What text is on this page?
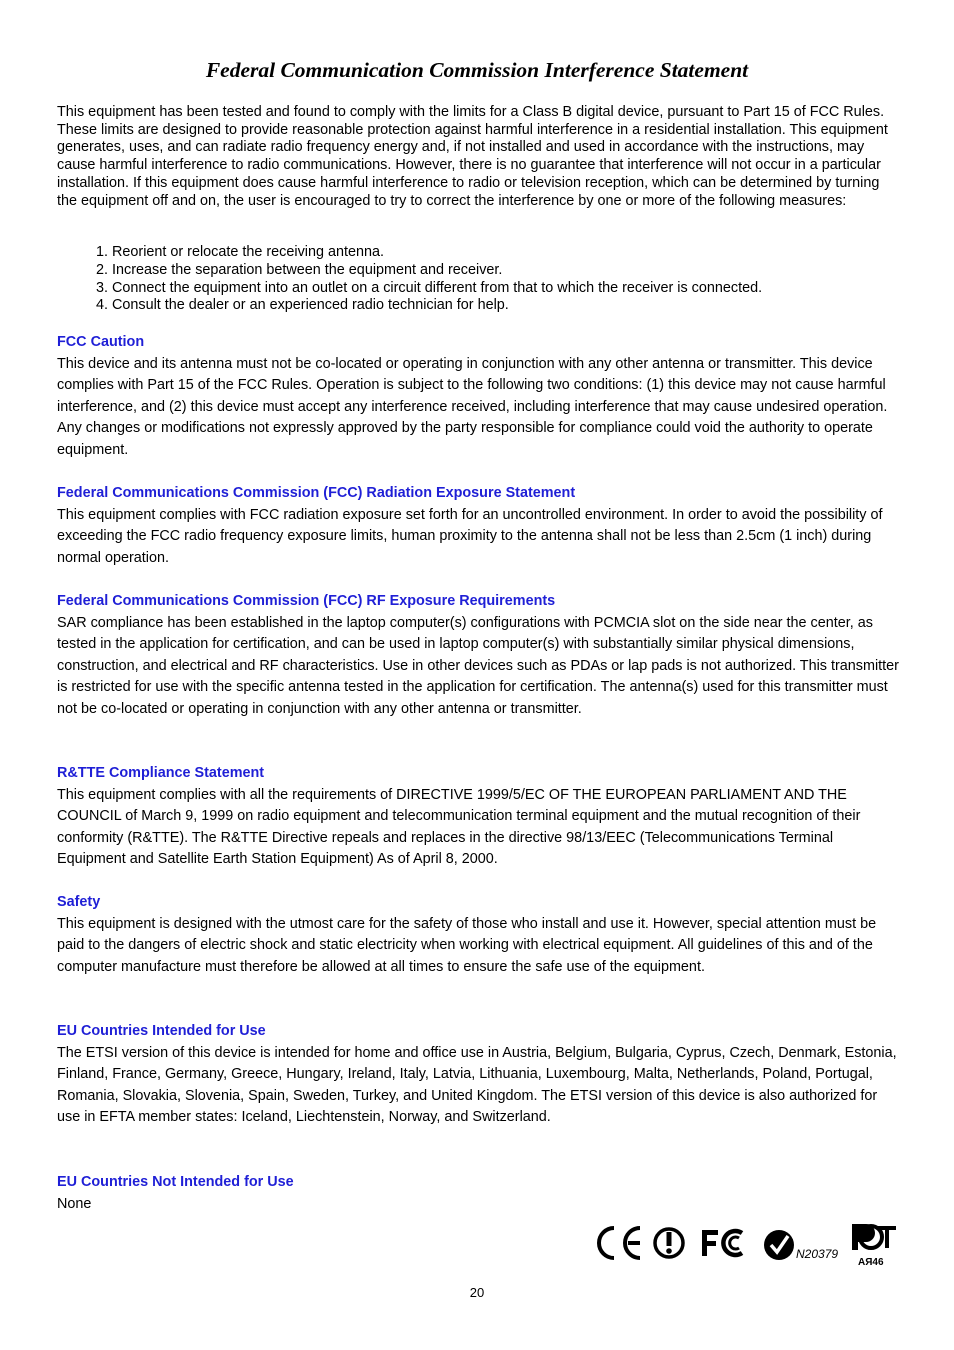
Federal Communication Commission Interference Statement

This equipment has been tested and found to comply with the limits for a Class B digital device, pursuant to Part 15 of FCC Rules. These limits are designed to provide reasonable protection against harmful interference in a residential installation. This equipment generates, uses, and can radiate radio frequency energy and, if not installed and used in accordance with the instructions, may cause harmful interference to radio communications. However, there is no guarantee that interference will not occur in a particular installation. If this equipment does cause harmful interference to radio or television reception, which can be determined by turning the equipment off and on, the user is encouraged to try to correct the interference by one or more of the following measures:

1. Reorient or relocate the receiving antenna.
2. Increase the separation between the equipment and receiver.
3. Connect the equipment into an outlet on a circuit different from that to which the receiver is connected.
4. Consult the dealer or an experienced radio technician for help.
FCC Caution

This device and its antenna must not be co-located or operating in conjunction with any other antenna or transmitter. This device complies with Part 15 of the FCC Rules. Operation is subject to the following two conditions: (1) this device may not cause harmful interference, and (2) this device must accept any interference received, including interference that may cause undesired operation. Any changes or modifications not expressly approved by the party responsible for compliance could void the authority to operate equipment.

Federal Communications Commission (FCC) Radiation Exposure Statement

This equipment complies with FCC radiation exposure set forth for an uncontrolled environment. In order to avoid the possibility of exceeding the FCC radio frequency exposure limits, human proximity to the antenna shall not be less than 2.5cm (1 inch) during normal operation.

Federal Communications Commission (FCC) RF Exposure Requirements

SAR compliance has been established in the laptop computer(s) configurations with PCMCIA slot on the side near the center, as tested in the application for certification, and can be used in laptop computer(s) with substantially similar physical dimensions, construction, and electrical and RF characteristics. Use in other devices such as PDAs or lap pads is not authorized. This transmitter is restricted for use with the specific antenna tested in the application for certification. The antenna(s) used for this transmitter must not be co-located or operating in conjunction with any other antenna or transmitter.

R&TTE Compliance Statement

This equipment complies with all the requirements of DIRECTIVE 1999/5/EC OF THE EUROPEAN PARLIAMENT AND THE COUNCIL of March 9, 1999 on radio equipment and telecommunication terminal equipment and the mutual recognition of their conformity (R&TTE). The R&TTE Directive repeals and replaces in the directive 98/13/EEC (Telecommunications Terminal Equipment and Satellite Earth Station Equipment) As of April 8, 2000.

Safety

This equipment is designed with the utmost care for the safety of those who install and use it. However, special attention must be paid to the dangers of electric shock and static electricity when working with electrical equipment. All guidelines of this and of the computer manufacture must therefore be allowed at all times to ensure the safe use of the equipment.

EU Countries Intended for Use

The ETSI version of this device is intended for home and office use in Austria, Belgium, Bulgaria, Cyprus, Czech, Denmark, Estonia, Finland, France, Germany, Greece, Hungary, Ireland, Italy, Latvia, Lithuania, Luxembourg, Malta, Netherlands, Poland, Portugal, Romania, Slovakia, Slovenia, Spain, Sweden, Turkey, and United Kingdom. The ETSI version of this device is also authorized for use in EFTA member states: Iceland, Liechtenstein, Norway, and Switzerland.

EU Countries Not Intended for Use

None

N20379
АЯ46

20
